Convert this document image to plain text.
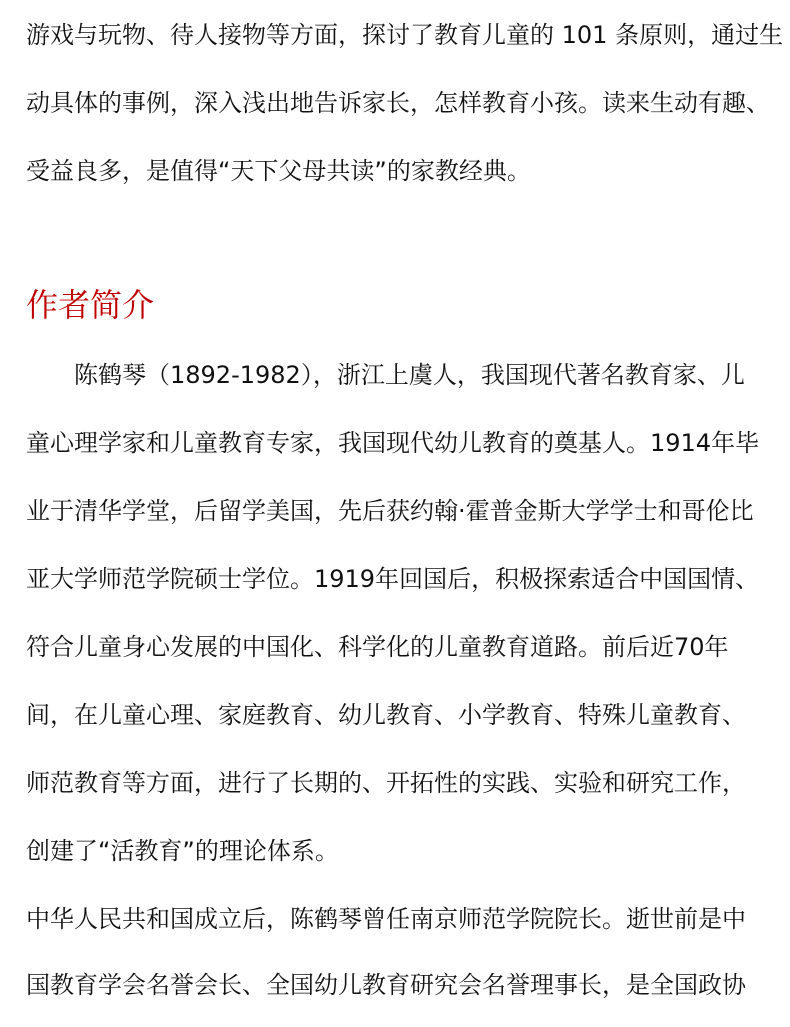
游戏与玩物、待人接物等方面，探讨了教育儿童的 101 条原则，通过生

动具体的事例，深入浅出地告诉家长，怎样教育小孩。读来生动有趣、

受益良多，是值得“天下父母共读”的家教经典。

作者简介

陈鹤琴（1892-1982），浙江上虞人，我国现代著名教育家、儿

童心理学家和儿童教育专家，我国现代幼儿教育的奠基人。1914年毕

业于清华学堂，后留学美国，先后获约翰·霍普金斯大学学士和哥伦比

亚大学师范学院硕士学位。1919年回国后，积极探索适合中国国情、

符合儿童身心发展的中国化、科学化的儿童教育道路。前后近70年

间，在儿童心理、家庭教育、幼儿教育、小学教育、特殊儿童教育、

师范教育等方面，进行了长期的、开拓性的实践、实验和研究工作，

创建了“活教育”的理论体系。

中华人民共和国成立后，陈鹤琴曾任南京师范学院院长。逝世前是中

国教育学会名誉会长、全国幼儿教育研究会名誉理事长，是全国政协
